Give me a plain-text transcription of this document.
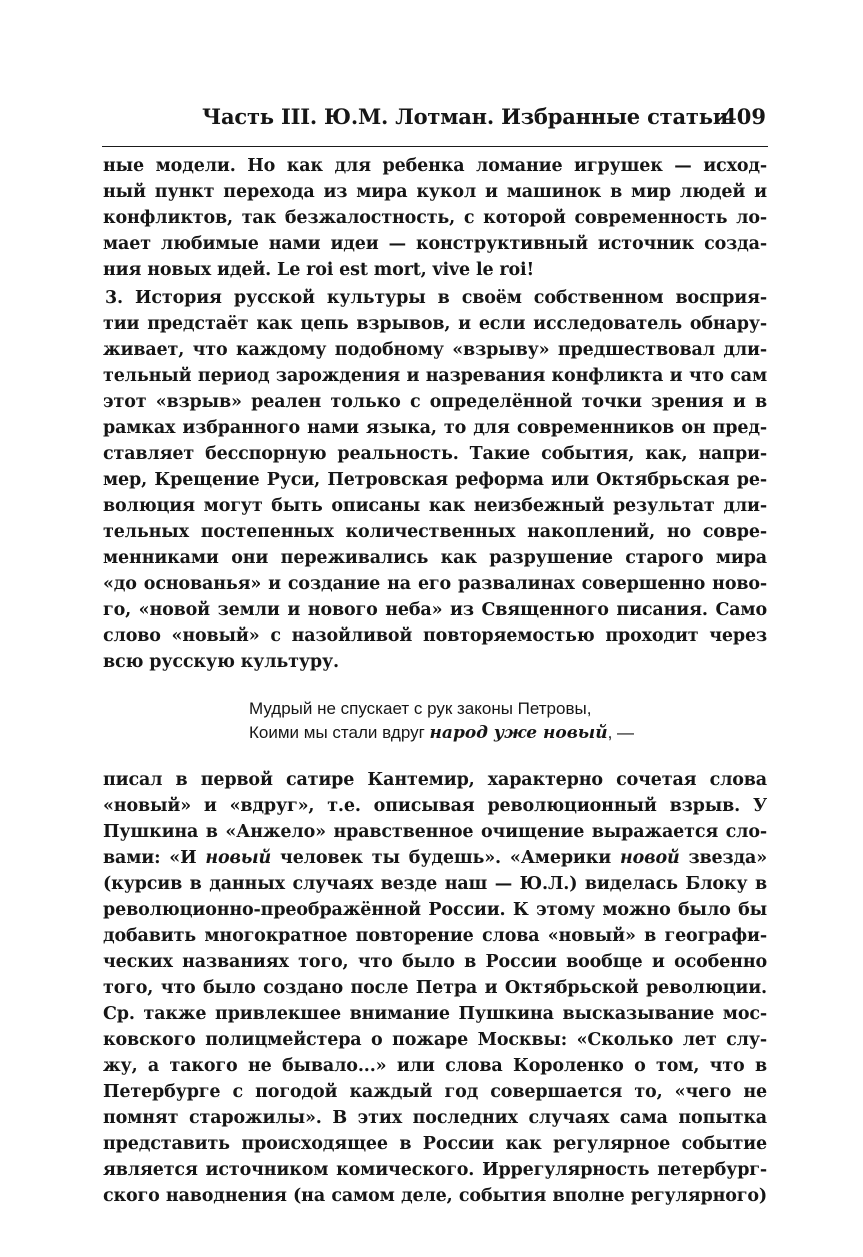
Часть III. Ю.М. Лотман. Избранные статьи
409
ные модели. Но как для ребенка ломание игрушек — исход-
ный пункт перехода из мира кукол и машинок в мир людей и
конфликтов, так безжалостность, с которой современность ло-
мает любимые нами идеи — конструктивный источник созда-
ния новых идей. Le roi est mort, vive le roi!
3. История русской культуры в своём собственном восприя-
тии предстаёт как цепь взрывов, и если исследователь обнару-
живает, что каждому подобному «взрыву» предшествовал дли-
тельный период зарождения и назревания конфликта и что сам
этот «взрыв» реален только с определённой точки зрения и в
рамках избранного нами языка, то для современников он пред-
ставляет бесспорную реальность. Такие события, как, напри-
мер, Крещение Руси, Петровская реформа или Октябрьская ре-
волюция могут быть описаны как неизбежный результат дли-
тельных постепенных количественных накоплений, но совре-
менниками они переживались как разрушение старого мира
«до основанья» и создание на его развалинах совершенно ново-
го, «новой земли и нового неба» из Священного писания. Само
слово «новый» с назойливой повторяемостью проходит через
всю русскую культуру.
Мудрый не спускает с рук законы Петровы,
Коими мы стали вдруг народ уже новый, —
писал в первой сатире Кантемир, характерно сочетая слова
«новый» и «вдруг», т.е. описывая революционный взрыв. У
Пушкина в «Анжело» нравственное очищение выражается сло-
вами: «И новый человек ты будешь». «Америки новой звезда»
(курсив в данных случаях везде наш — Ю.Л.) виделась Блоку в
революционно-преображённой России. К этому можно было бы
добавить многократное повторение слова «новый» в географи-
ческих названиях того, что было в России вообще и особенно
того, что было создано после Петра и Октябрьской революции.
Ср. также привлекшее внимание Пушкина высказывание мос-
ковского полицмейстера о пожаре Москвы: «Сколько лет слу-
жу, а такого не бывало...» или слова Короленко о том, что в
Петербурге с погодой каждый год совершается то, «чего не
помнят старожилы». В этих последних случаях сама попытка
представить происходящее в России как регулярное событие
является источником комического. Иррегулярность петербург-
ского наводнения (на самом деле, события вполне регулярного)
